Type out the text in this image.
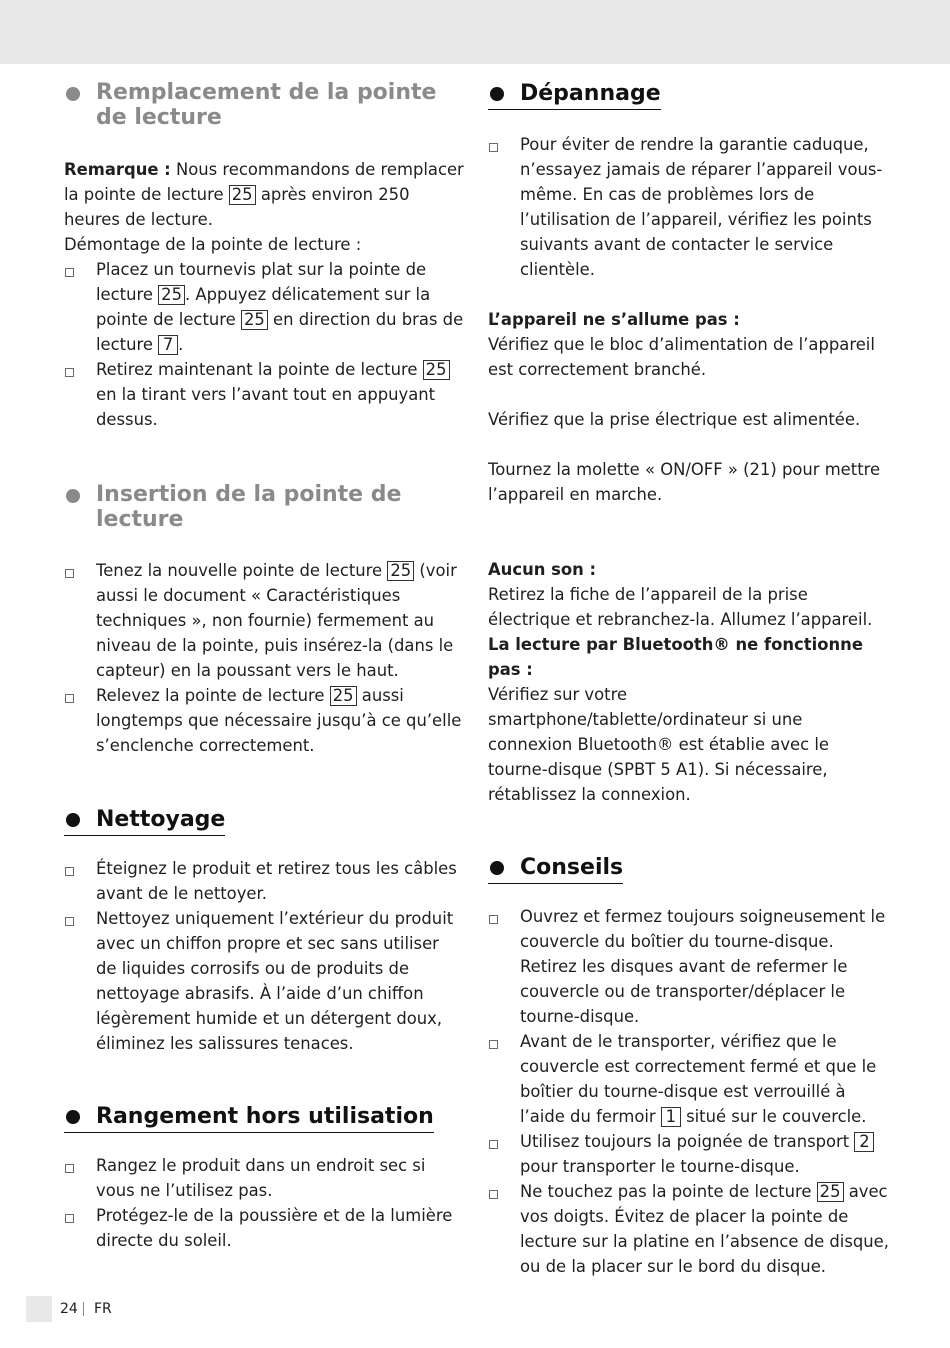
Remplacement de la pointe de lecture

Remarque : Nous recommandons de remplacer la pointe de lecture 25 après environ 250 heures de lecture.

Démontage de la pointe de lecture :

Placez un tournevis plat sur la pointe de lecture 25 . Appuyez délicatement sur la pointe de lecture 25 en direction du bras de lecture 7 .
Retirez maintenant la pointe de lecture 25 en la tirant vers l’avant tout en appuyant dessus.
Insertion de la pointe de lecture
Tenez la nouvelle pointe de lecture 25 (voir aussi le document « Caractéristiques techniques », non fournie) fermement au niveau de la pointe, puis insérez-la (dans le capteur) en la poussant vers le haut.
Relevez la pointe de lecture 25 aussi longtemps que nécessaire jusqu’à ce qu’elle s’enclenche correctement.
Nettoyage
Éteignez le produit et retirez tous les câbles avant de le nettoyer.
Nettoyez uniquement l’extérieur du produit avec un chiffon propre et sec sans utiliser de liquides corrosifs ou de produits de nettoyage abrasifs. À l’aide d’un chiffon légèrement humide et un détergent doux, éliminez les salissures tenaces.
Rangement hors utilisation
Rangez le produit dans un endroit sec si vous ne l’utilisez pas.
Protégez-le de la poussière et de la lumière directe du soleil.
Dépannage
Pour éviter de rendre la garantie caduque, n’essayez jamais de réparer l’appareil vous-même. En cas de problèmes lors de l’utilisation de l’appareil, vérifiez les points suivants avant de contacter le service clientèle.

L’appareil ne s’allume pas :

Vérifiez que le bloc d’alimentation de l’appareil est correctement branché.

Vérifiez que la prise électrique est alimentée.

Tournez la molette « ON/OFF » (21) pour mettre l’appareil en marche.

Aucun son :

Retirez la fiche de l’appareil de la prise électrique et rebranchez-la. Allumez l’appareil.

La lecture par Bluetooth® ne fonctionne pas :

Vérifiez sur votre smartphone/tablette/ordinateur si une connexion Bluetooth® est établie avec le tourne-disque (SPBT 5 A1). Si nécessaire, rétablissez la connexion.

Conseils
Ouvrez et fermez toujours soigneusement le couvercle du boîtier du tourne-disque. Retirez les disques avant de refermer le couvercle ou de transporter/déplacer le tourne-disque.
Avant de le transporter, vérifiez que le couvercle est correctement fermé et que le boîtier du tourne-disque est verrouillé à l’aide du fermoir 1 situé sur le couvercle.
Utilisez toujours la poignée de transport 2 pour transporter le tourne-disque.
Ne touchez pas la pointe de lecture 25 avec vos doigts. Évitez de placer la pointe de lecture sur la platine en l’absence de disque, ou de la placer sur le bord du disque.
24 FR
